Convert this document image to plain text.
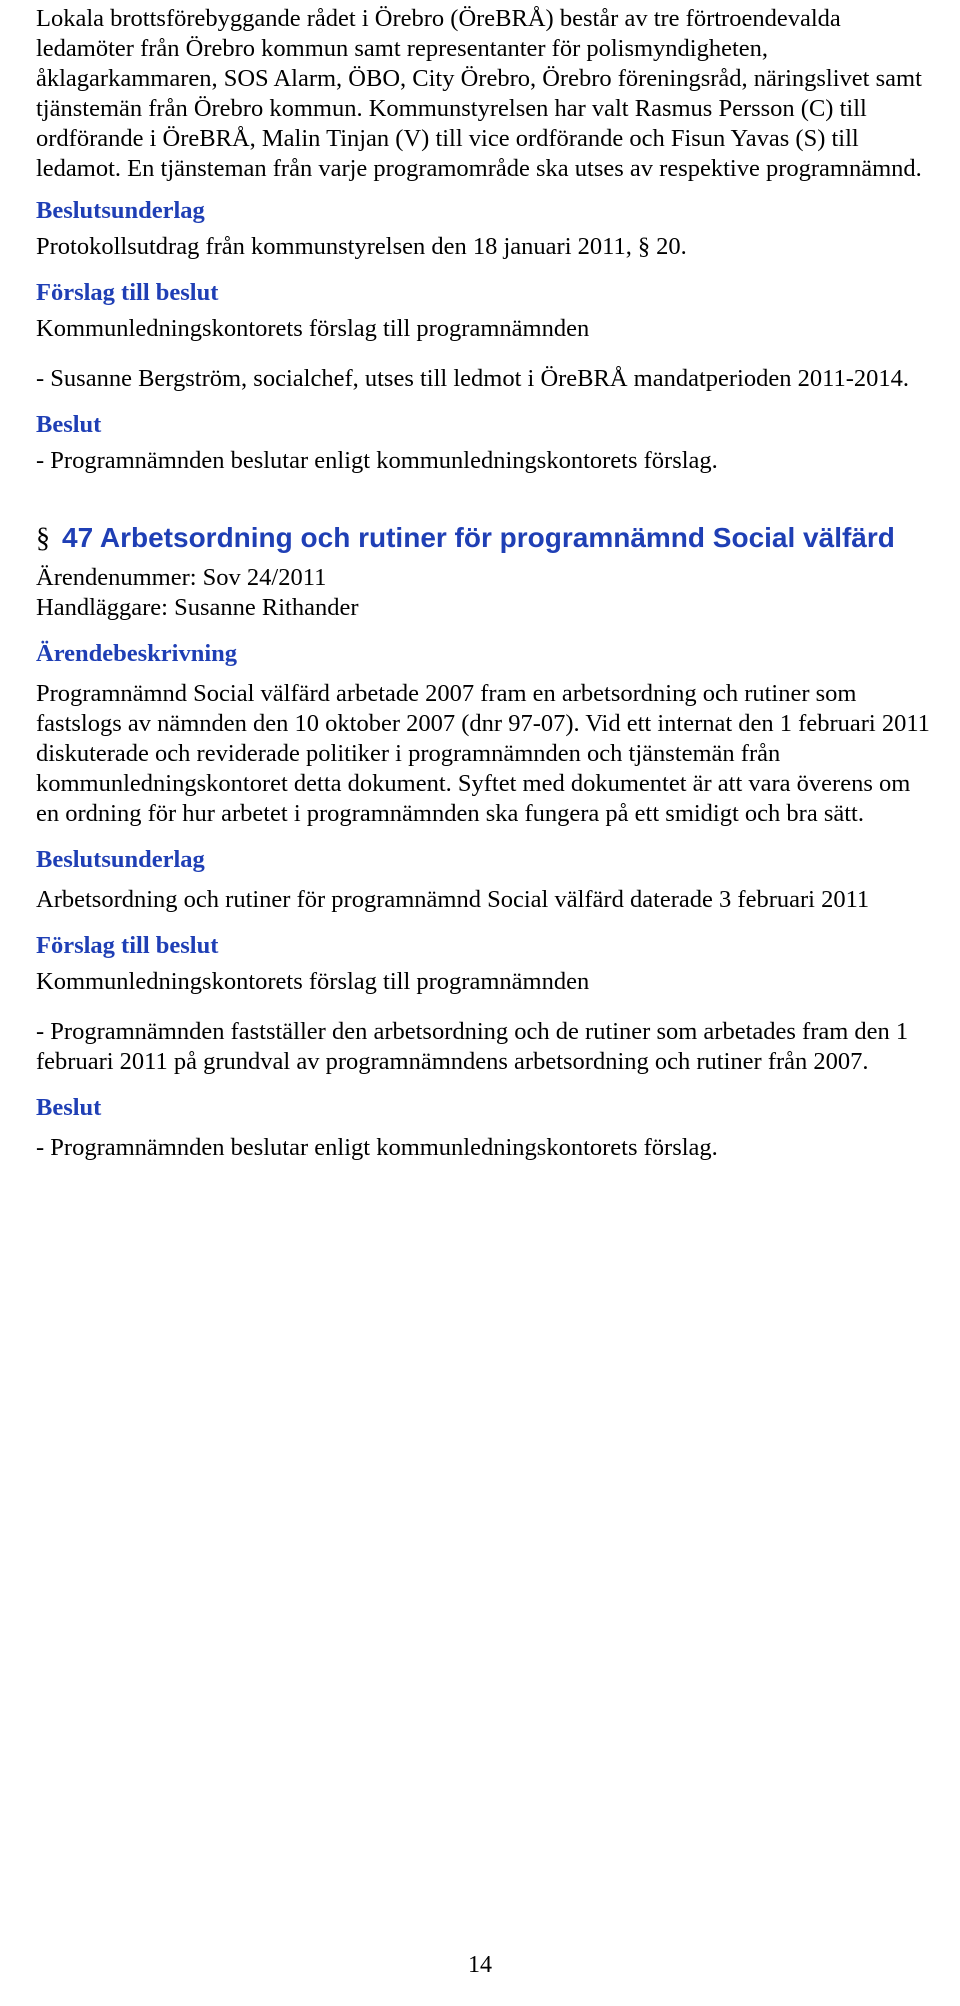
Lokala brottsförebyggande rådet i Örebro (ÖreBRÅ) består av tre förtroendevalda ledamöter från Örebro kommun samt representanter för polismyndigheten, åklagarkammaren, SOS Alarm, ÖBO, City Örebro, Örebro föreningsråd, näringslivet samt tjänstemän från Örebro kommun. Kommunstyrelsen har valt Rasmus Persson (C) till ordförande i ÖreBRÅ, Malin Tinjan (V) till vice ordförande och Fisun Yavas (S) till ledamot. En tjänsteman från varje programområde ska utses av respektive programnämnd.

Beslutsunderlag

Protokollsutdrag från kommunstyrelsen den 18 januari 2011, § 20.

Förslag till beslut

Kommunledningskontorets förslag till programnämnden

- Susanne Bergström, socialchef, utses till ledmot i ÖreBRÅ mandatperioden 2011-2014.

Beslut

- Programnämnden beslutar enligt kommunledningskontorets förslag.

§ 47 Arbetsordning och rutiner för programnämnd Social välfärd

Ärendenummer: Sov 24/2011

Handläggare: Susanne Rithander

Ärendebeskrivning

Programnämnd Social välfärd arbetade 2007 fram en arbetsordning och rutiner som fastslogs av nämnden den 10 oktober 2007 (dnr 97-07). Vid ett internat den 1 februari 2011 diskuterade och reviderade politiker i programnämnden och tjänstemän från kommunledningskontoret detta dokument. Syftet med dokumentet är att vara överens om en ordning för hur arbetet i programnämnden ska fungera på ett smidigt och bra sätt.

Beslutsunderlag

Arbetsordning och rutiner för programnämnd Social välfärd daterade 3 februari 2011

Förslag till beslut

Kommunledningskontorets förslag till programnämnden

- Programnämnden fastställer den arbetsordning och de rutiner som arbetades fram den 1 februari 2011 på grundval av programnämndens arbetsordning och rutiner från 2007.

Beslut

- Programnämnden beslutar enligt kommunledningskontorets förslag.

14
